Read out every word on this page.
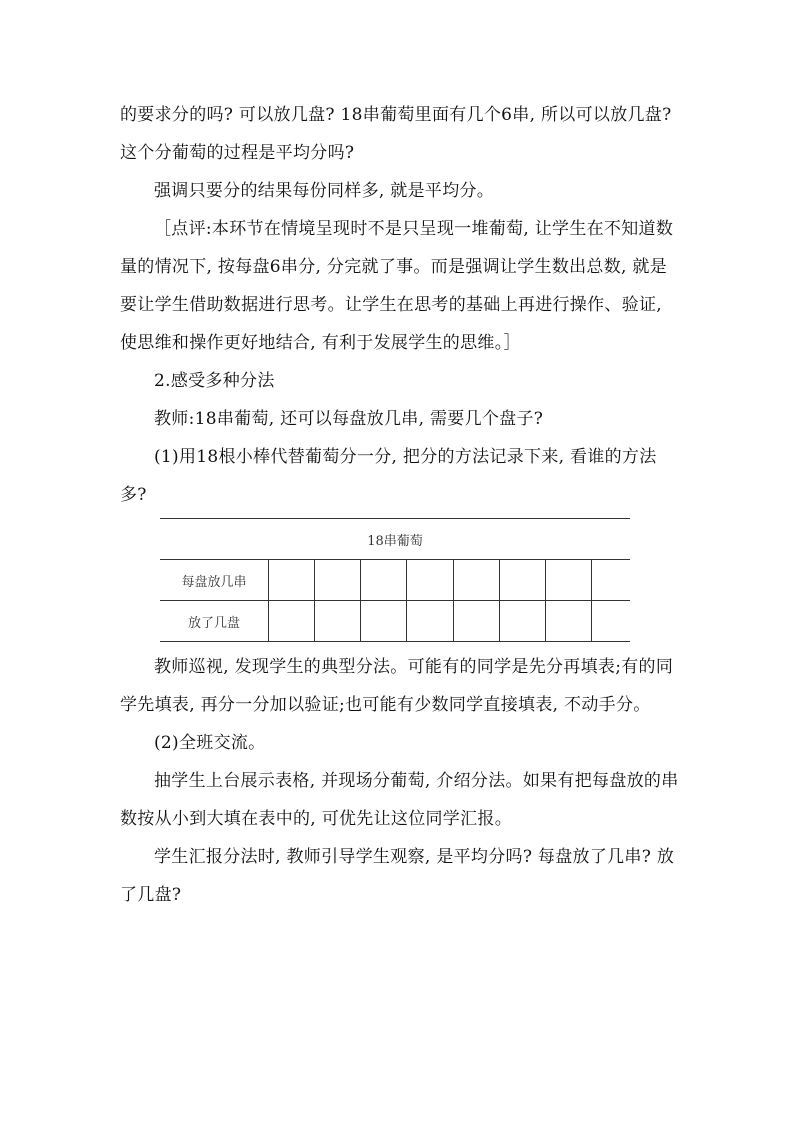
的要求分的吗? 可以放几盘? 18串葡萄里面有几个6串, 所以可以放几盘? 这个分葡萄的过程是平均分吗?

强调只要分的结果每份同样多, 就是平均分。

［点评:本环节在情境呈现时不是只呈现一堆葡萄, 让学生在不知道数量的情况下, 按每盘6串分, 分完就了事。而是强调让学生数出总数, 就是要让学生借助数据进行思考。让学生在思考的基础上再进行操作、验证, 使思维和操作更好地结合, 有利于发展学生的思维。］

2.感受多种分法

教师:18串葡萄, 还可以每盘放几串, 需要几个盘子?

(1)用18根小棒代替葡萄分一分, 把分的方法记录下来, 看谁的方法多?

18串葡萄								
每盘放几串								
放了几盘								

教师巡视, 发现学生的典型分法。可能有的同学是先分再填表;有的同学先填表, 再分一分加以验证;也可能有少数同学直接填表, 不动手分。

(2)全班交流。

抽学生上台展示表格, 并现场分葡萄, 介绍分法。如果有把每盘放的串数按从小到大填在表中的, 可优先让这位同学汇报。

学生汇报分法时, 教师引导学生观察, 是平均分吗? 每盘放了几串? 放了几盘?
